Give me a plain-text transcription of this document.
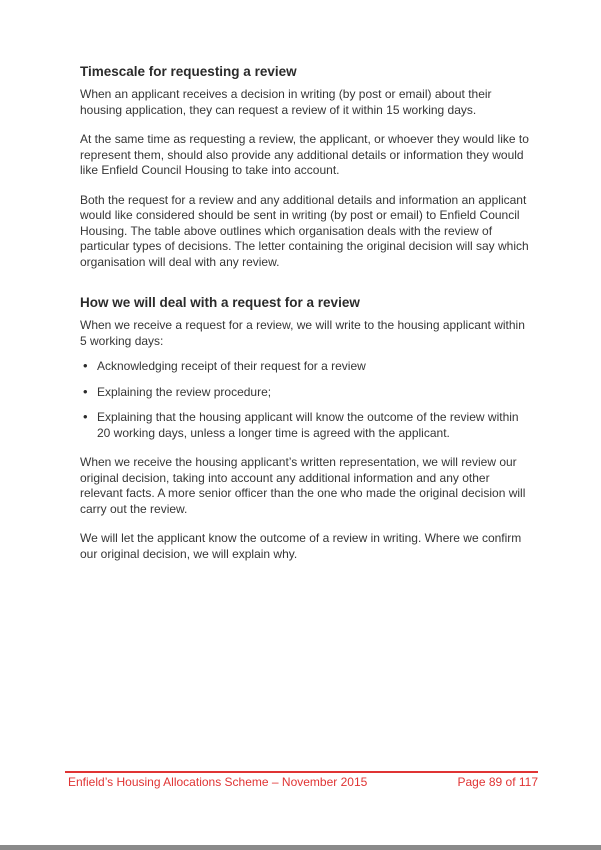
Timescale for requesting a review

When an applicant receives a decision in writing (by post or email) about their housing application, they can request a review of it within 15 working days.

At the same time as requesting a review, the applicant, or whoever they would like to represent them, should also provide any additional details or information they would like Enfield Council Housing to take into account.

Both the request for a review and any additional details and information an applicant would like considered should be sent in writing (by post or email) to Enfield Council Housing. The table above outlines which organisation deals with the review of particular types of decisions. The letter containing the original decision will say which organisation will deal with any review.

How we will deal with a request for a review

When we receive a request for a review, we will write to the housing applicant within 5 working days:

• Acknowledging receipt of their request for a review
• Explaining the review procedure;
• Explaining that the housing applicant will know the outcome of the review within 20 working days, unless a longer time is agreed with the applicant.

When we receive the housing applicant’s written representation, we will review our original decision, taking into account any additional information and any other relevant facts. A more senior officer than the one who made the original decision will carry out the review.

We will let the applicant know the outcome of a review in writing. Where we confirm our original decision, we will explain why.

Enfield’s Housing Allocations Scheme – November 2015	Page 89 of 117
